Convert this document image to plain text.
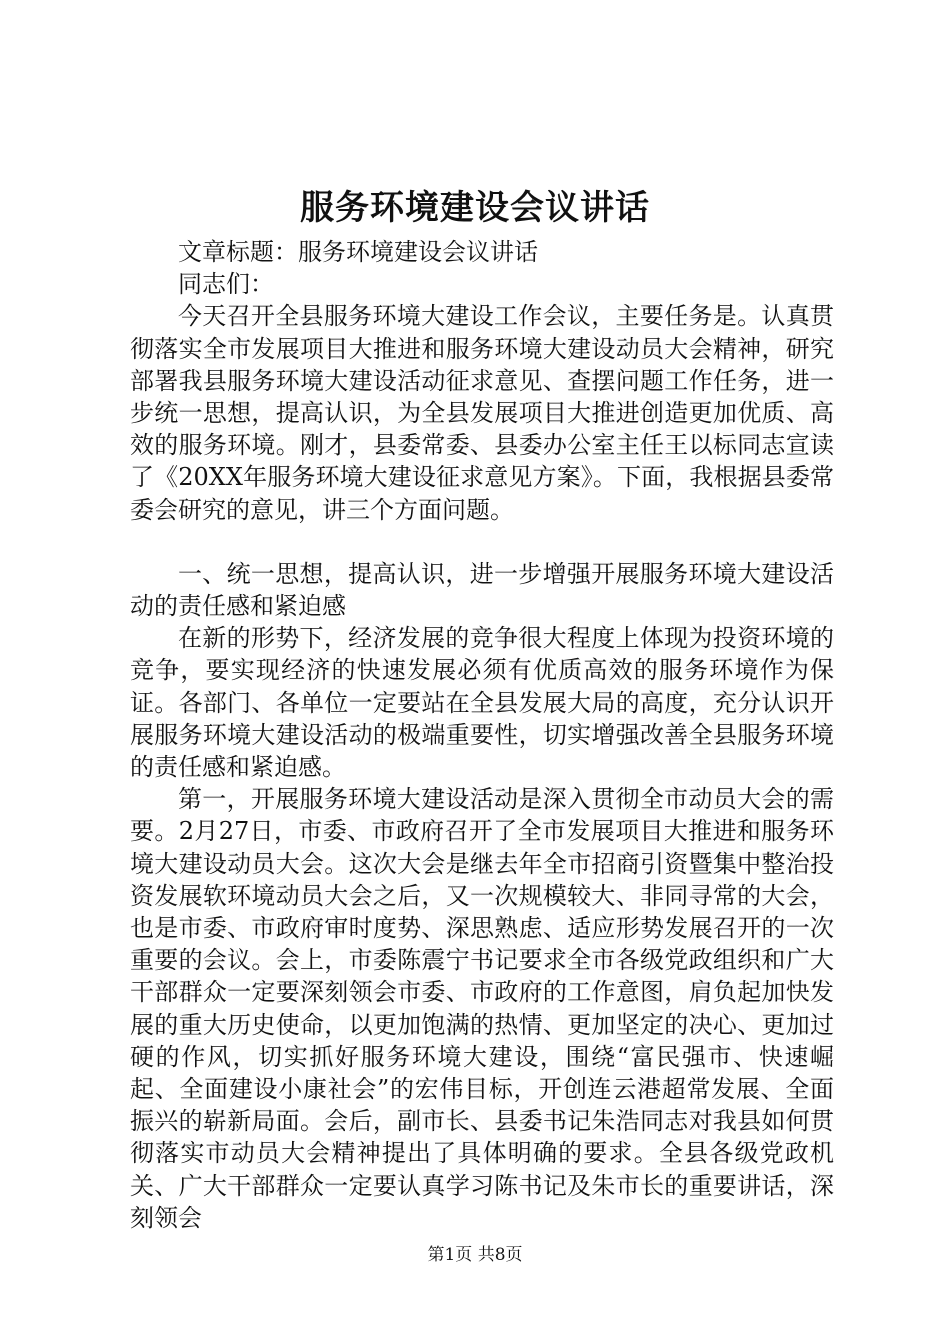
服务环境建设会议讲话

文章标题：服务环境建设会议讲话

同志们：

今天召开全县服务环境大建设工作会议，主要任务是。认真贯彻落实全市发展项目大推进和服务环境大建设动员大会精神，研究部署我县服务环境大建设活动征求意见、查摆问题工作任务，进一步统一思想，提高认识，为全县发展项目大推进创造更加优质、高效的服务环境。刚才，县委常委、县委办公室主任王以标同志宣读了《20XX年服务环境大建设征求意见方案》。下面，我根据县委常委会研究的意见，讲三个方面问题。

一、统一思想，提高认识，进一步增强开展服务环境大建设活动的责任感和紧迫感

在新的形势下，经济发展的竞争很大程度上体现为投资环境的竞争，要实现经济的快速发展必须有优质高效的服务环境作为保证。各部门、各单位一定要站在全县发展大局的高度，充分认识开展服务环境大建设活动的极端重要性，切实增强改善全县服务环境的责任感和紧迫感。

第一，开展服务环境大建设活动是深入贯彻全市动员大会的需要。2月27日，市委、市政府召开了全市发展项目大推进和服务环境大建设动员大会。这次大会是继去年全市招商引资暨集中整治投资发展软环境动员大会之后，又一次规模较大、非同寻常的大会，也是市委、市政府审时度势、深思熟虑、适应形势发展召开的一次重要的会议。会上，市委陈震宁书记要求全市各级党政组织和广大干部群众一定要深刻领会市委、市政府的工作意图，肩负起加快发展的重大历史使命，以更加饱满的热情、更加坚定的决心、更加过硬的作风，切实抓好服务环境大建设，围绕“富民强市、快速崛起、全面建设小康社会”的宏伟目标，开创连云港超常发展、全面振兴的崭新局面。会后，副市长、县委书记朱浩同志对我县如何贯彻落实市动员大会精神提出了具体明确的要求。全县各级党政机关、广大干部群众一定要认真学习陈书记及朱市长的重要讲话，深刻领会

第1页 共8页
